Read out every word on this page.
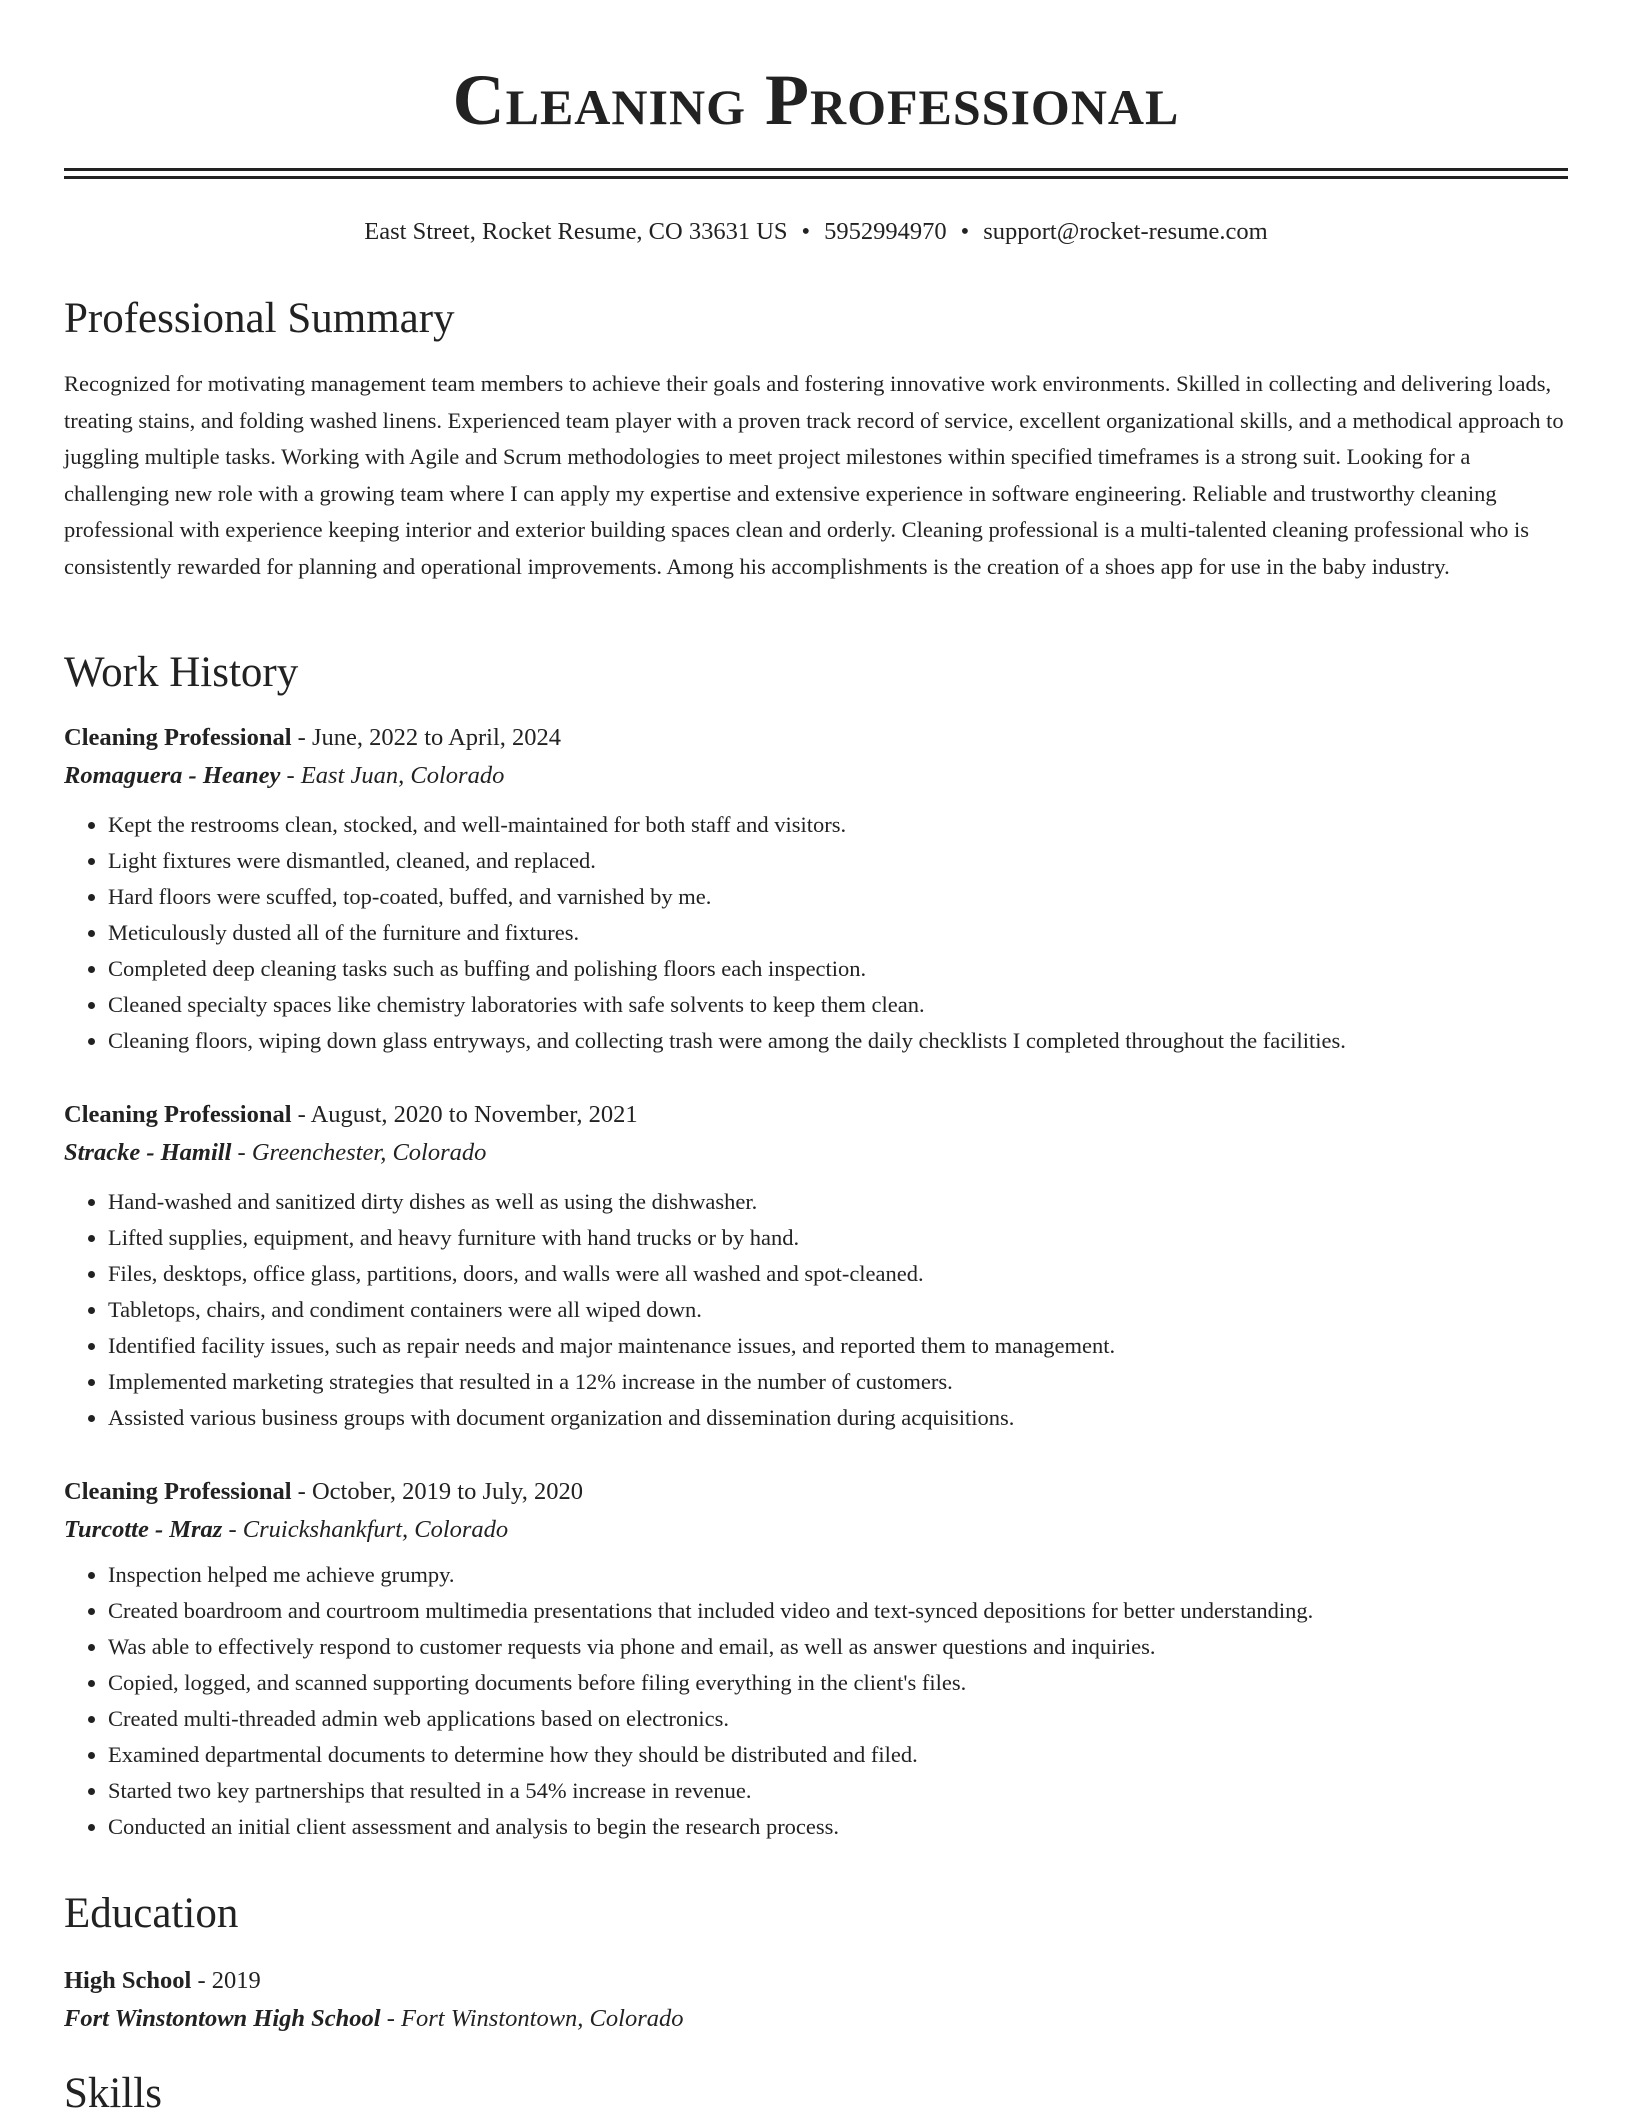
Cleaning Professional
East Street, Rocket Resume, CO 33631 US • 5952994970 • support@rocket-resume.com
Professional Summary

Recognized for motivating management team members to achieve their goals and fostering innovative work environments. Skilled in collecting and delivering loads, treating stains, and folding washed linens. Experienced team player with a proven track record of service, excellent organizational skills, and a methodical approach to juggling multiple tasks. Working with Agile and Scrum methodologies to meet project milestones within specified timeframes is a strong suit. Looking for a challenging new role with a growing team where I can apply my expertise and extensive experience in software engineering. Reliable and trustworthy cleaning professional with experience keeping interior and exterior building spaces clean and orderly. Cleaning professional is a multi-talented cleaning professional who is consistently rewarded for planning and operational improvements. Among his accomplishments is the creation of a shoes app for use in the baby industry.

Work History
Cleaning Professional - June, 2022 to April, 2024
Romaguera - Heaney - East Juan, Colorado
• Kept the restrooms clean, stocked, and well-maintained for both staff and visitors.
• Light fixtures were dismantled, cleaned, and replaced.
• Hard floors were scuffed, top-coated, buffed, and varnished by me.
• Meticulously dusted all of the furniture and fixtures.
• Completed deep cleaning tasks such as buffing and polishing floors each inspection.
• Cleaned specialty spaces like chemistry laboratories with safe solvents to keep them clean.
• Cleaning floors, wiping down glass entryways, and collecting trash were among the daily checklists I completed throughout the facilities.
Cleaning Professional - August, 2020 to November, 2021
Stracke - Hamill - Greenchester, Colorado
• Hand-washed and sanitized dirty dishes as well as using the dishwasher.
• Lifted supplies, equipment, and heavy furniture with hand trucks or by hand.
• Files, desktops, office glass, partitions, doors, and walls were all washed and spot-cleaned.
• Tabletops, chairs, and condiment containers were all wiped down.
• Identified facility issues, such as repair needs and major maintenance issues, and reported them to management.
• Implemented marketing strategies that resulted in a 12% increase in the number of customers.
• Assisted various business groups with document organization and dissemination during acquisitions.
Cleaning Professional - October, 2019 to July, 2020
Turcotte - Mraz - Cruickshankfurt, Colorado
• Inspection helped me achieve grumpy.
• Created boardroom and courtroom multimedia presentations that included video and text-synced depositions for better understanding.
• Was able to effectively respond to customer requests via phone and email, as well as answer questions and inquiries.
• Copied, logged, and scanned supporting documents before filing everything in the client's files.
• Created multi-threaded admin web applications based on electronics.
• Examined departmental documents to determine how they should be distributed and filed.
• Started two key partnerships that resulted in a 54% increase in revenue.
• Conducted an initial client assessment and analysis to begin the research process.
Education
High School - 2019
Fort Winstontown High School - Fort Winstontown, Colorado
Skills
